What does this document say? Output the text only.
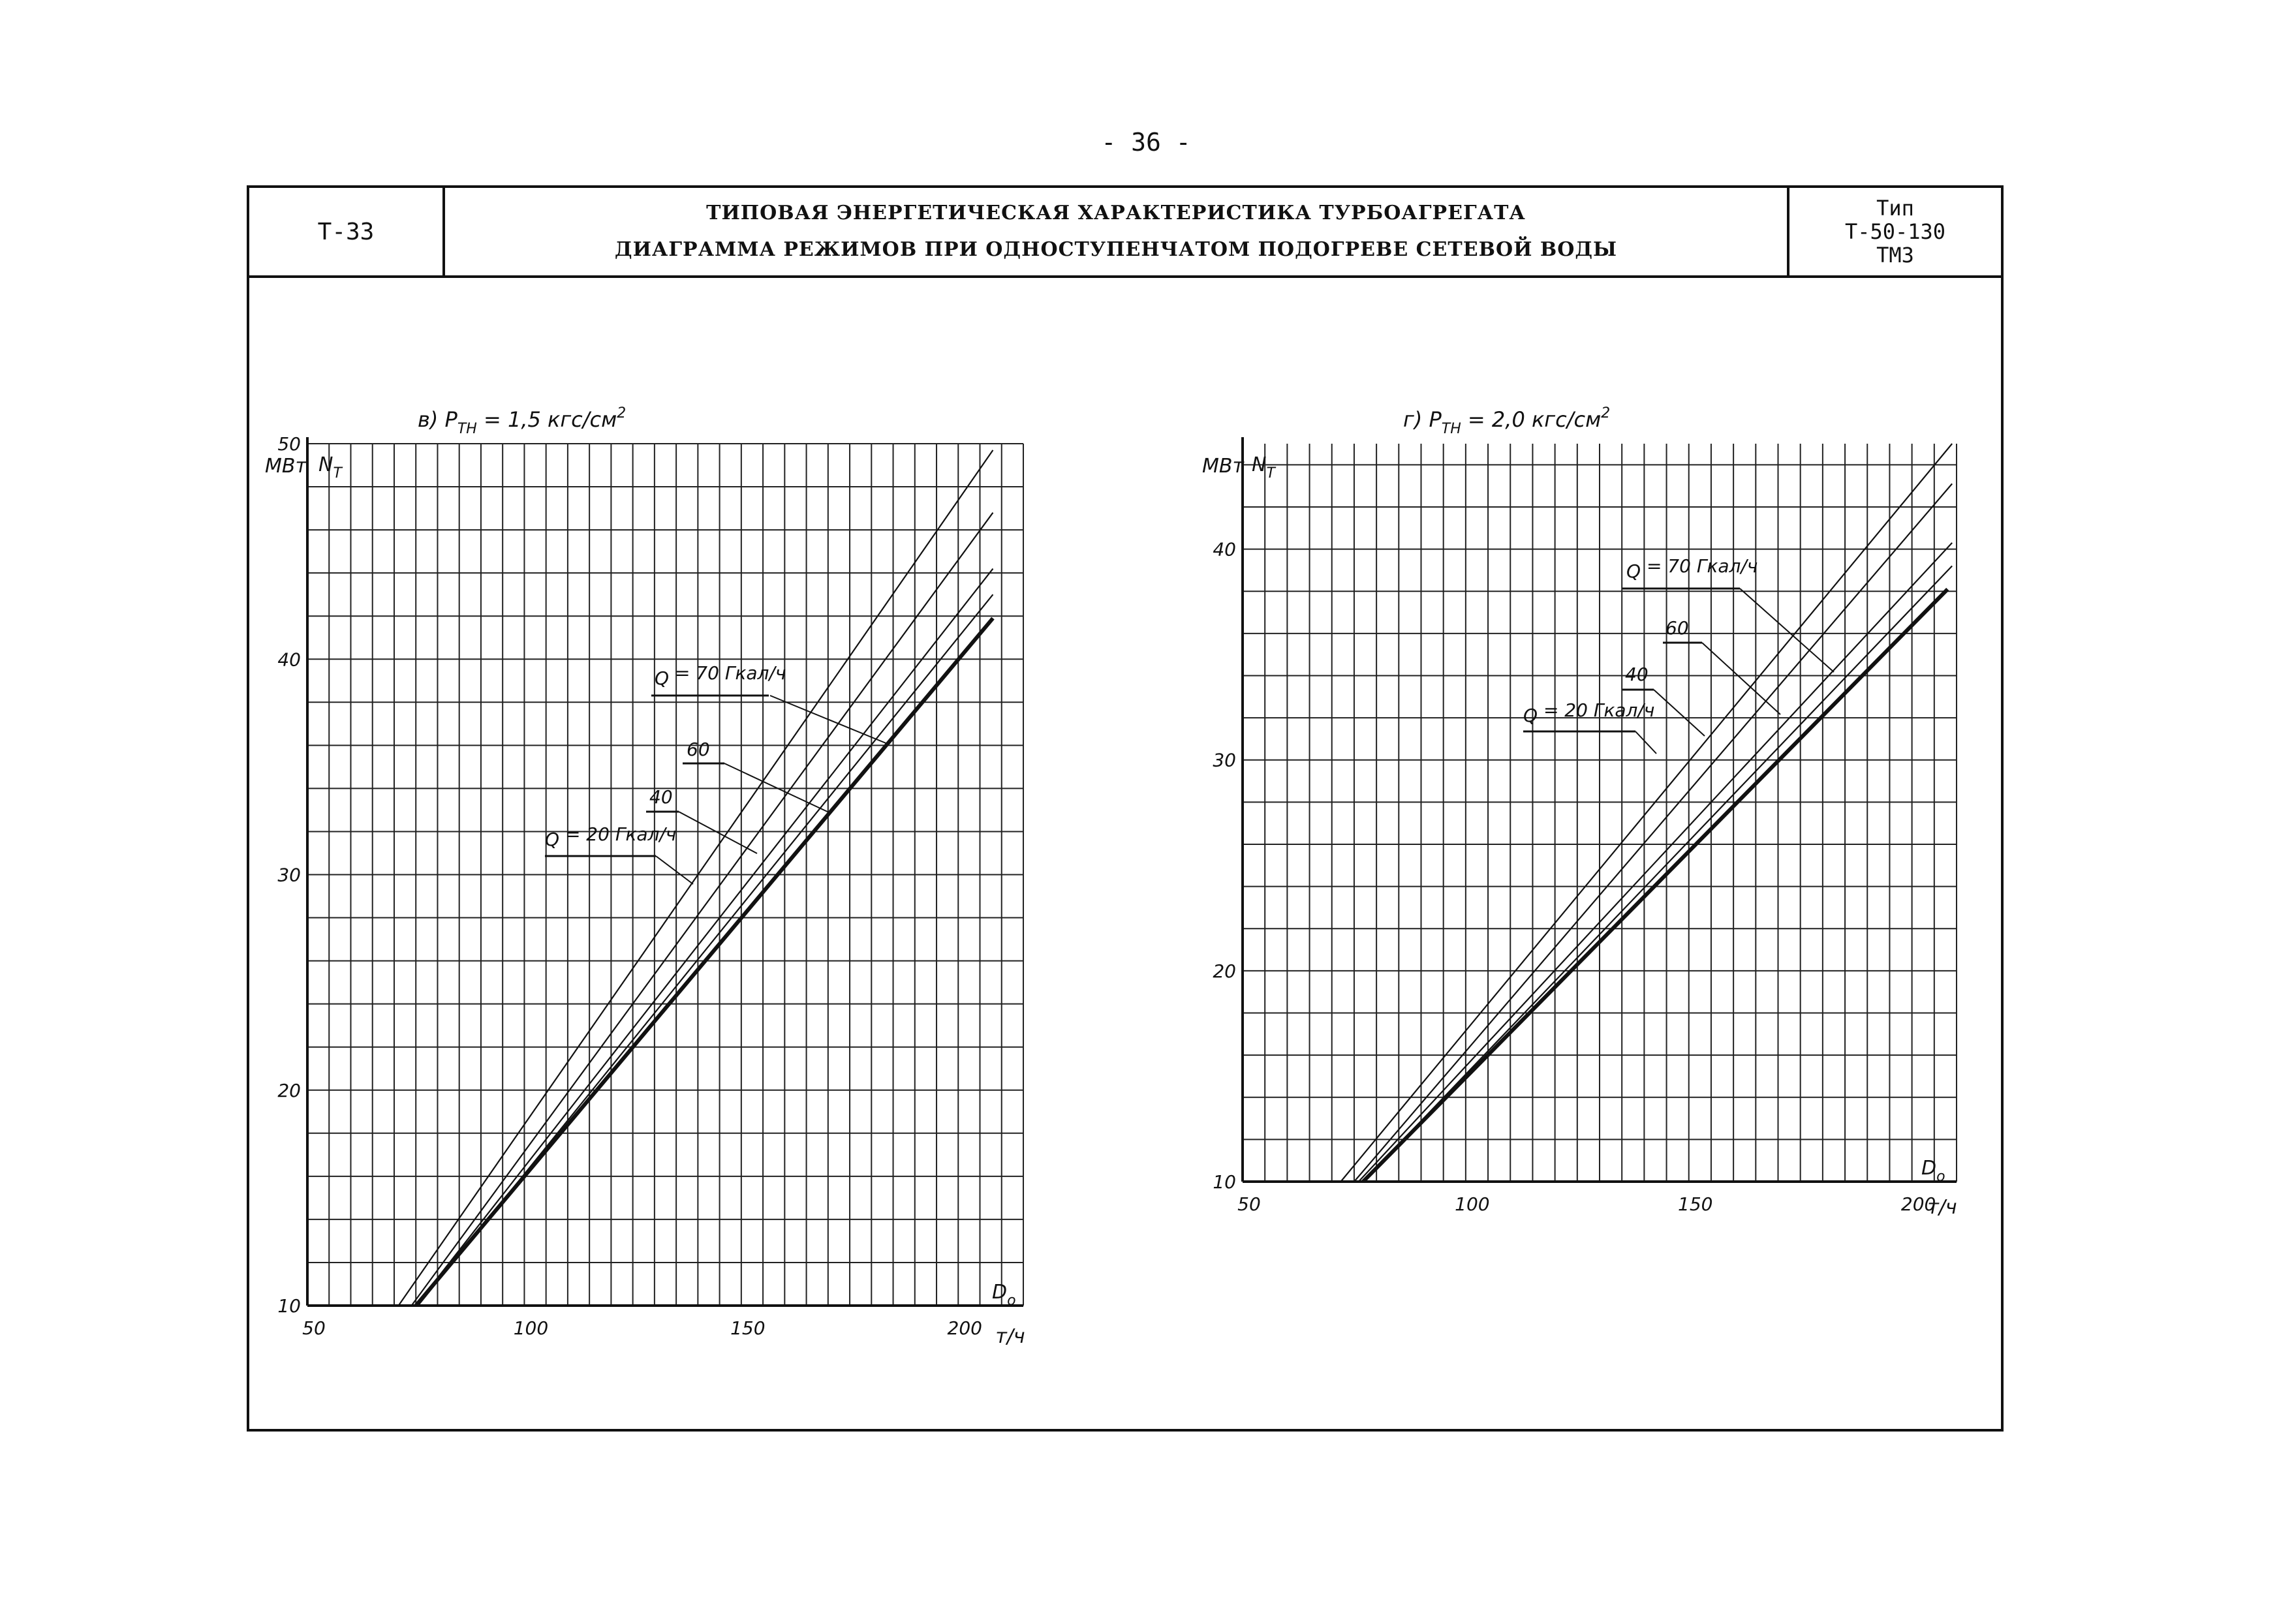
- 36 -
Т-33
ТИПОВАЯ ЭНЕРГЕТИЧЕСКАЯ ХАРАКТЕРИСТИКА ТУРБОАГРЕГАТА
ДИАГРАММА РЕЖИМОВ ПРИ ОДНОСТУПЕНЧАТОМ ПОДОГРЕВЕ СЕТЕВОЙ ВОДЫ
Тип
Т-50-130
ТМЗ
50	100	150	200
10
20
30
40
50
МВт $N_Т$
$D_o$
т/ч
в) $P_{ТН} = 1,5$ кгс/$см^2$
Q = 70 Гкал/ч
60
40
Q = 20 Гкал/ч
50	100	150	200
10
20
30
40
МВт $N_Т$
$D_o$
т/ч
г) $P_{ТН} = 2,0$ кгс/$см^2$
Q = 70 Гкал/ч
60
40
Q = 20 Гкал/ч
